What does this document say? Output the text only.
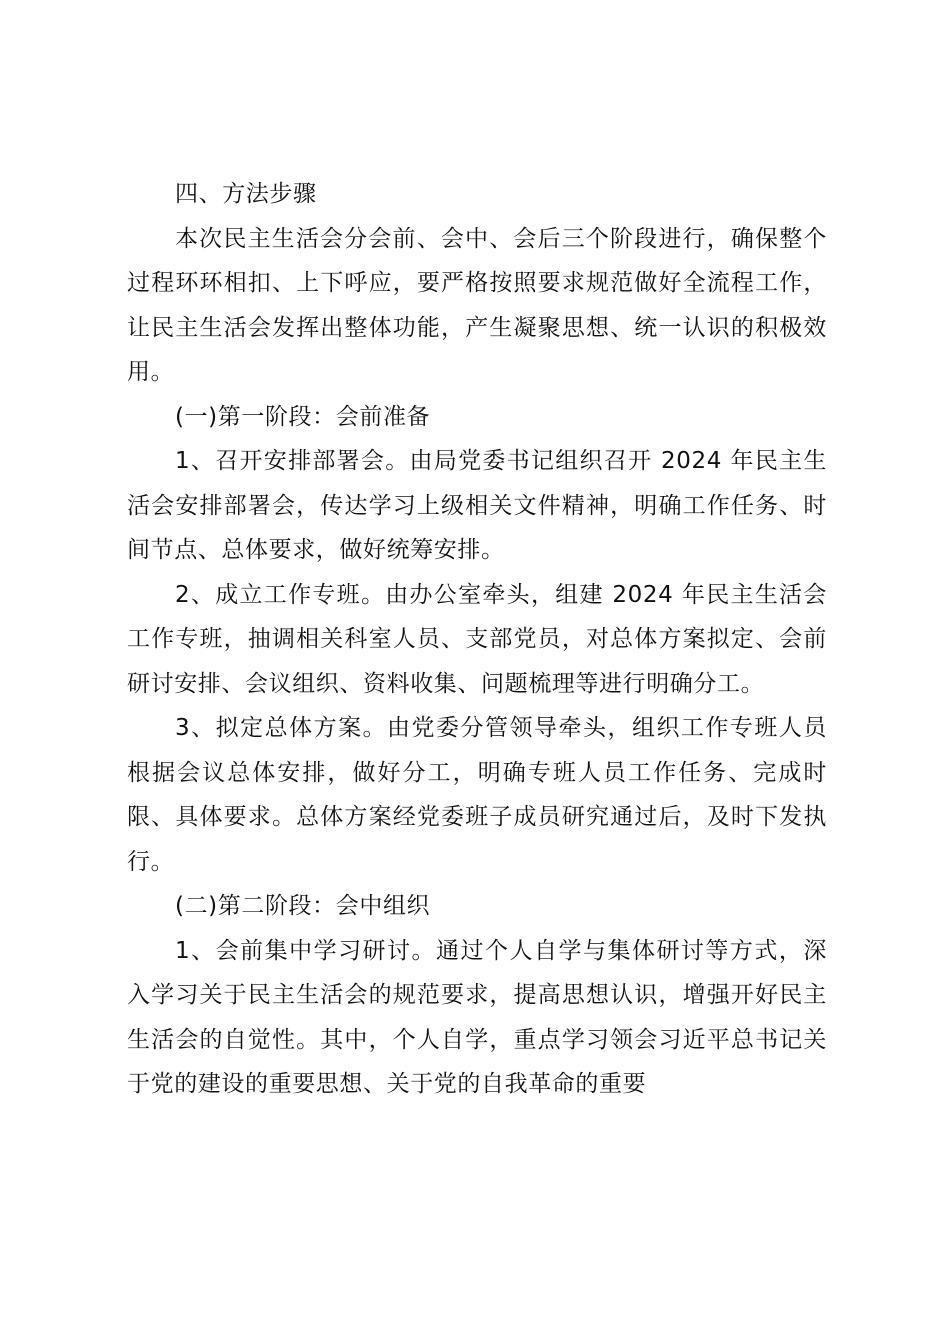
四、方法步骤

本次民主生活会分会前、会中、会后三个阶段进行，确保整个过程环环相扣、上下呼应，要严格按照要求规范做好全流程工作，让民主生活会发挥出整体功能，产生凝聚思想、统一认识的积极效用。

(一)第一阶段：会前准备

1、召开安排部署会。由局党委书记组织召开 2024 年民主生活会安排部署会，传达学习上级相关文件精神，明确工作任务、时间节点、总体要求，做好统筹安排。

2、成立工作专班。由办公室牵头，组建 2024 年民主生活会工作专班，抽调相关科室人员、支部党员，对总体方案拟定、会前研讨安排、会议组织、资料收集、问题梳理等进行明确分工。

3、拟定总体方案。由党委分管领导牵头，组织工作专班人员根据会议总体安排，做好分工，明确专班人员工作任务、完成时限、具体要求。总体方案经党委班子成员研究通过后，及时下发执行。

(二)第二阶段：会中组织

1、会前集中学习研讨。通过个人自学与集体研讨等方式，深入学习关于民主生活会的规范要求，提高思想认识，增强开好民主生活会的自觉性。其中，个人自学，重点学习领会习近平总书记关于党的建设的重要思想、关于党的自我革命的重要
